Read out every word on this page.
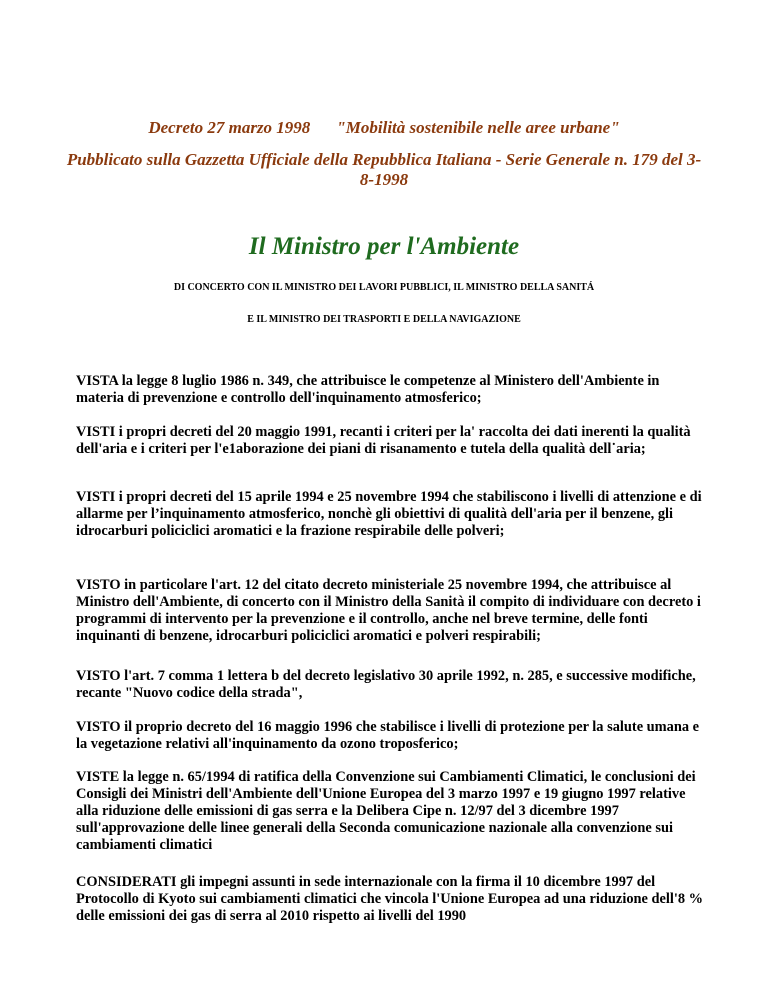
Decreto 27 marzo 1998 "Mobilità sostenibile nelle aree urbane"
Pubblicato sulla Gazzetta Ufficiale della Repubblica Italiana - Serie Generale n. 179 del 3-8-1998
Il Ministro per l'Ambiente
DI CONCERTO CON IL MINISTRO DEI LAVORI PUBBLICI, IL MINISTRO DELLA SANITÁ
E IL MINISTRO DEI TRASPORTI E DELLA NAVIGAZIONE

VISTA la legge 8 luglio 1986 n. 349, che attribuisce le competenze al Ministero dell'Ambiente in materia di prevenzione e controllo dell'inquinamento atmosferico;

VISTI i propri decreti del 20 maggio 1991, recanti i criteri per la' raccolta dei dati inerenti la qualità dell'aria e i criteri per l'e1aborazione dei piani di risanamento e tutela della qualità dell˙aria;

VISTI i propri decreti del 15 aprile 1994 e 25 novembre 1994 che stabiliscono i livelli di attenzione e di allarme per l’inquinamento atmosferico, nonchè gli obiettivi di qualità dell'aria per il benzene, gli idrocarburi policiclici aromatici e la frazione respirabile delle polveri;

VISTO in particolare l'art. 12 del citato decreto ministeriale 25 novembre 1994, che attribuisce al Ministro dell'Ambiente, di concerto con il Ministro della Sanità il compito di individuare con decreto i programmi di intervento per la prevenzione e il controllo, anche nel breve termine, delle fonti inquinanti di benzene, idrocarburi policiclici aromatici e polveri respirabili;

VISTO l'art. 7 comma 1 lettera b del decreto legislativo 30 aprile 1992, n. 285, e successive modifiche, recante "Nuovo codice della strada",

VISTO il proprio decreto del 16 maggio 1996 che stabilisce i livelli di protezione per la salute umana e la vegetazione relativi all'inquinamento da ozono troposferico;

VISTE la legge n. 65/1994 di ratifica della Convenzione sui Cambiamenti Climatici, le conclusioni dei Consigli dei Ministri dell'Ambiente dell'Unione Europea del 3 marzo 1997 e 19 giugno 1997 relative alla riduzione delle emissioni di gas serra e la Delibera Cipe n. 12/97 del 3 dicembre 1997 sull'approvazione delle linee generali della Seconda comunicazione nazionale alla convenzione sui cambiamenti climatici

CONSIDERATI gli impegni assunti in sede internazionale con la firma il 10 dicembre 1997 del Protocollo di Kyoto sui cambiamenti climatici che vincola l'Unione Europea ad una riduzione dell'8 % delle emissioni dei gas di serra al 2010 rispetto ai livelli del 1990
